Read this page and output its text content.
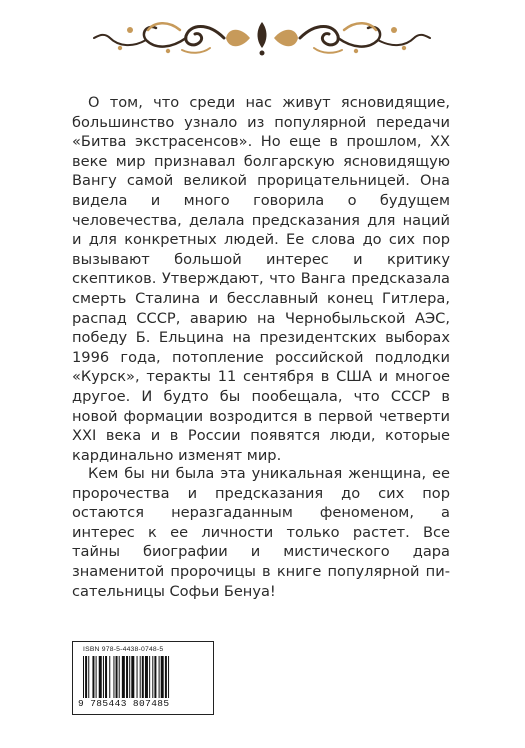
О том, что среди нас живут ясновидящие, большинство узнало из популярной передачи «Битва экстрасенсов». Но еще в прошлом, XX веке мир признавал болгарскую ясновидящую Вангу самой великой прорицательницей. Она видела и много говорила о будущем человечества, делала предсказания для наций и для конкретных людей. Ее слова до сих пор вызывают большой интерес и критику скептиков. Утверждают, что Ванга предсказала смерть Сталина и бесславный конец Гитлера, распад СССР, аварию на Чернобыльской АЭС, победу Б. Ельцина на президентских выборах 1996 года, потопление российской подлодки «Курск», теракты 11 сентября в США и многое другое. И будто бы пообещала, что СССР в новой формации возродится в первой четверти XXI века и в России появятся люди, которые кардинально изменят мир.

Кем бы ни была эта уникальная женщина, ее пророчества и предсказания до сих пор остаются неразгаданным феноменом, а интерес к ее личности только растет. Все тайны биографии и мистического дара знаменитой пророчицы в книге популярной писательницы Софьи Бенуа!

ISBN 978-5-4438-0748-5
9 785443 807485
